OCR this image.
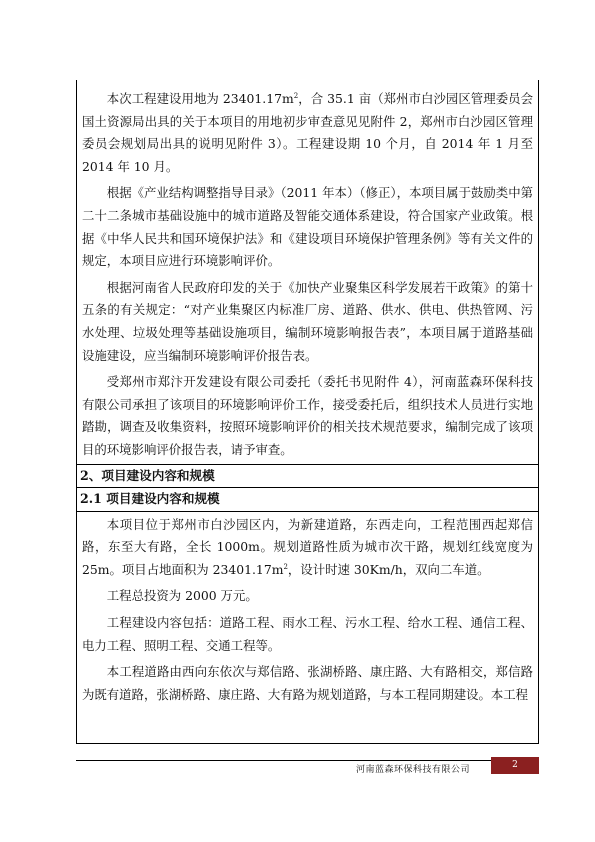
本次工程建设用地为 $23401.17m^2$，合 35.1 亩（郑州市白沙园区管理委员会国土资源局出具的关于本项目的用地初步审查意见见附件 2，郑州市白沙园区管理委员会规划局出具的说明见附件 3）。工程建设期 10 个月，自 2014 年 1 月至 2014 年 10 月。

根据《产业结构调整指导目录》（2011 年本）（修正），本项目属于鼓励类中第二十二条城市基础设施中的城市道路及智能交通体系建设，符合国家产业政策。根据《中华人民共和国环境保护法》和《建设项目环境保护管理条例》等有关文件的规定，本项目应进行环境影响评价。

根据河南省人民政府印发的关于《加快产业聚集区科学发展若干政策》的第十五条的有关规定：“对产业集聚区内标准厂房、道路、供水、供电、供热管网、污水处理、垃圾处理等基础设施项目，编制环境影响报告表”，本项目属于道路基础设施建设，应当编制环境影响评价报告表。

受郑州市郑汴开发建设有限公司委托（委托书见附件 4），河南蓝森环保科技有限公司承担了该项目的环境影响评价工作，接受委托后，组织技术人员进行实地踏勘，调查及收集资料，按照环境影响评价的相关技术规范要求，编制完成了该项目的环境影响评价报告表，请予审查。

2、项目建设内容和规模

2.1 项目建设内容和规模

本项目位于郑州市白沙园区内，为新建道路，东西走向，工程范围西起郑信路，东至大有路，全长 1000m。规划道路性质为城市次干路，规划红线宽度为 25m。项目占地面积为 $23401.17m^2$，设计时速 30Km/h，双向二车道。

工程总投资为 2000 万元。

工程建设内容包括：道路工程、雨水工程、污水工程、给水工程、通信工程、电力工程、照明工程、交通工程等。

本工程道路由西向东依次与郑信路、张湖桥路、康庄路、大有路相交，郑信路为既有道路，张湖桥路、康庄路、大有路为规划道路，与本工程同期建设。本工程

河南蓝森环保科技有限公司	2
